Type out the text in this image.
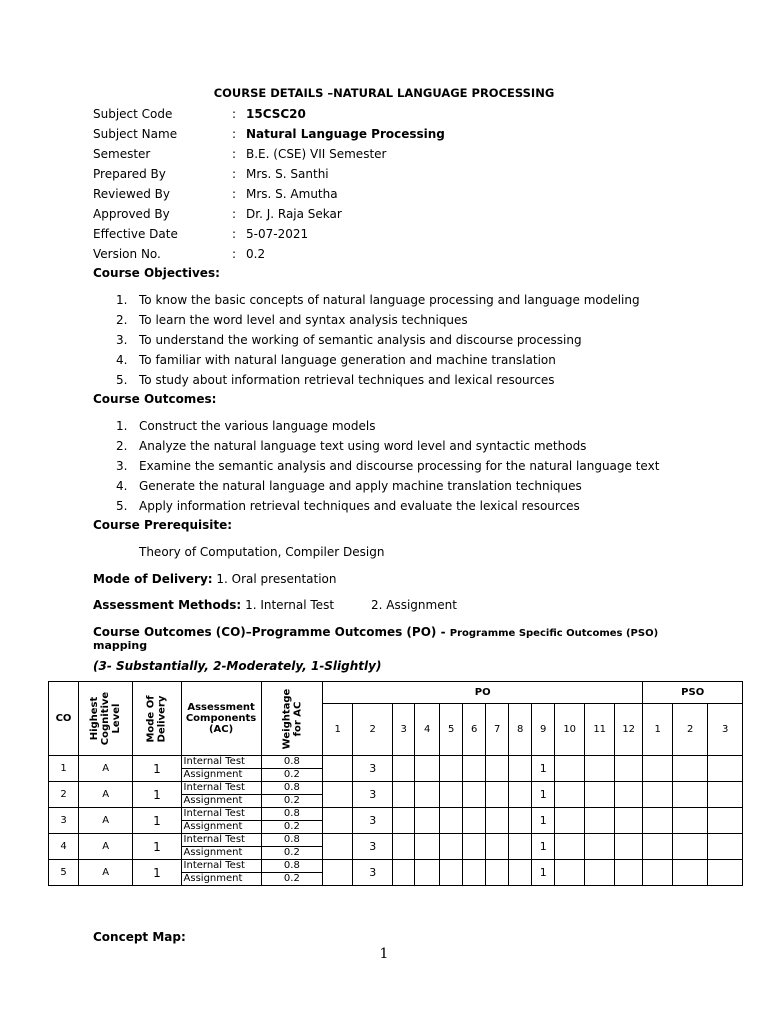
COURSE DETAILS –NATURAL LANGUAGE PROCESSING
Subject Code	: 15CSC20
Subject Name	: Natural Language Processing
Semester	: B.E. (CSE) VII Semester
Prepared By	: Mrs. S. Santhi
Reviewed By	: Mrs. S. Amutha
Approved By	: Dr. J. Raja Sekar
Effective Date	: 5-07-2021
Version No.	: 0.2
Course Objectives:
1. To know the basic concepts of natural language processing and language modeling
2. To learn the word level and syntax analysis techniques
3. To understand the working of semantic analysis and discourse processing
4. To familiar with natural language generation and machine translation
5. To study about information retrieval techniques and lexical resources
Course Outcomes:
1. Construct the various language models
2. Analyze the natural language text using word level and syntactic methods
3. Examine the semantic analysis and discourse processing for the natural language text
4. Generate the natural language and apply machine translation techniques
5. Apply information retrieval techniques and evaluate the lexical resources
Course Prerequisite:
Theory of Computation, Compiler Design
Mode of Delivery: 1. Oral presentation
Assessment Methods: 1. Internal Test	2. Assignment
Course Outcomes (CO)–Programme Outcomes (PO) - Programme Specific Outcomes (PSO)
mapping
(3- Substantially, 2-Moderately, 1-Slightly)
CO	Highest
Cognitive
Level	Mode Of
Delivery	Assessment
Components
(AC)	Weightage
for AC	PO												PSO		
					1	2	3	4	5	6	7	8	9	10	11	12	1	2	3
1	A	1	Internal Test	0.8		3							1						
			Assignment	0.2															
2	A	1	Internal Test	0.8		3							1						
			Assignment	0.2															
3	A	1	Internal Test	0.8		3							1						
			Assignment	0.2															
4	A	1	Internal Test	0.8		3							1						
			Assignment	0.2															
5	A	1	Internal Test	0.8		3							1						
			Assignment	0.2															
Concept Map:
1
